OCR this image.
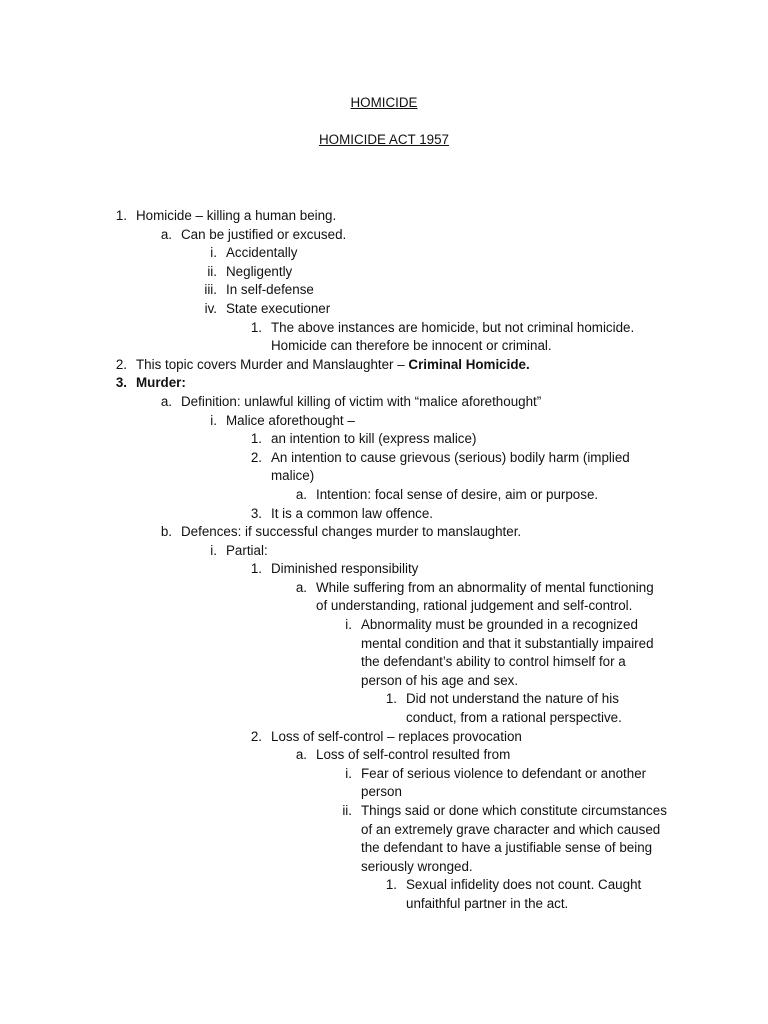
HOMICIDE
HOMICIDE ACT 1957
1. Homicide – killing a human being.
a. Can be justified or excused.
i. Accidentally
ii. Negligently
iii. In self-defense
iv. State executioner
1. The above instances are homicide, but not criminal homicide.
Homicide can therefore be innocent or criminal.
2. This topic covers Murder and Manslaughter – Criminal Homicide.
3. Murder:
a. Definition: unlawful killing of victim with “malice aforethought”
i. Malice aforethought –
1. an intention to kill (express malice)
2. An intention to cause grievous (serious) bodily harm (implied
malice)
a. Intention: focal sense of desire, aim or purpose.
3. It is a common law offence.
b. Defences: if successful changes murder to manslaughter.
i. Partial:
1. Diminished responsibility
a. While suffering from an abnormality of mental functioning
of understanding, rational judgement and self-control.
i. Abnormality must be grounded in a recognized
mental condition and that it substantially impaired
the defendant’s ability to control himself for a
person of his age and sex.
1. Did not understand the nature of his
conduct, from a rational perspective.
2. Loss of self-control – replaces provocation
a. Loss of self-control resulted from
i. Fear of serious violence to defendant or another
person
ii. Things said or done which constitute circumstances
of an extremely grave character and which caused
the defendant to have a justifiable sense of being
seriously wronged.
1. Sexual infidelity does not count. Caught
unfaithful partner in the act.
